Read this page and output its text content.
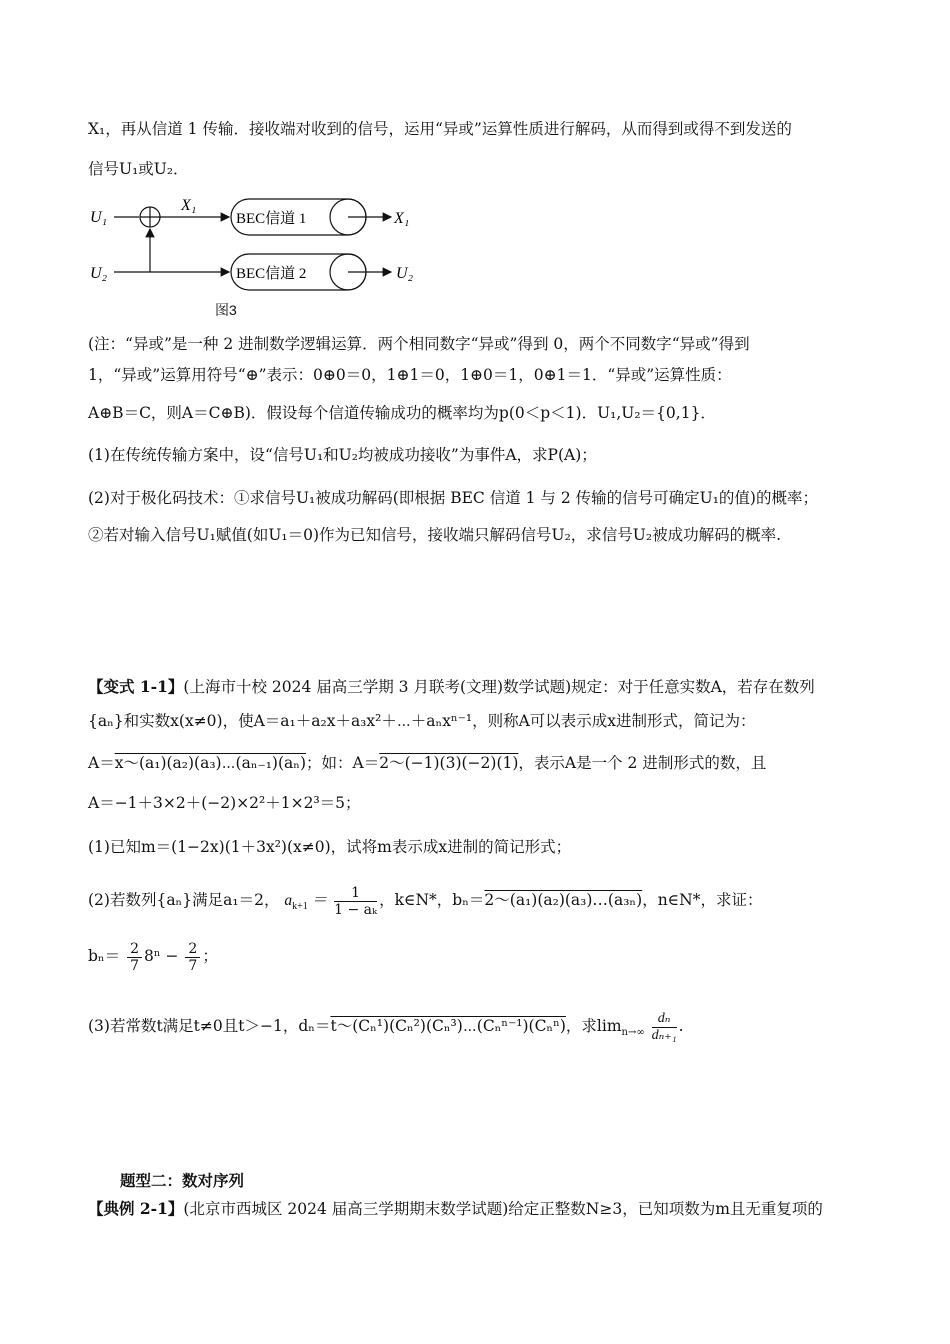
X₁，再从信道 1 传输．接收端对收到的信号，运用“异或”运算性质进行解码，从而得到或得不到发送的
信号U₁或U₂．
U₁
X₁
U₂
BEC信道 1	X₁
BEC信道 2	U₂
图3
(注：“异或”是一种 2 进制数学逻辑运算．两个相同数字“异或”得到 0，两个不同数字“异或”得到
1，“异或”运算用符号“⊕”表示：0⊕0＝0，1⊕1＝0，1⊕0＝1，0⊕1＝1．“异或”运算性质：
A⊕B＝C，则A＝C⊕B)．假设每个信道传输成功的概率均为p(0＜p＜1)．U₁,U₂＝{0,1}．
(1)在传统传输方案中，设“信号U₁和U₂均被成功接收”为事件A，求P(A)；
(2)对于极化码技术：①求信号U₁被成功解码(即根据 BEC 信道 1 与 2 传输的信号可确定U₁的值)的概率；
②若对输入信号U₁赋值(如U₁＝0)作为已知信号，接收端只解码信号U₂，求信号U₂被成功解码的概率.
【变式 1-1】(上海市十校 2024 届高三学期 3 月联考(文理)数学试题)规定：对于任意实数A，若存在数列
{aₙ}和实数x(x≠0)，使A＝a₁＋a₂x＋a₃x²＋⋯＋aₙxⁿ⁻¹，则称A可以表示成x进制形式，简记为：
A＝x～(a₁)(a₂)(a₃)⋯(aₙ₋₁)(aₙ)；如：A＝2～(−1)(3)(−2)(1)，表示A是一个 2 进制形式的数，且
A＝−1＋3×2＋(−2)×2²＋1×2³＝5；
(1)已知m＝(1−2x)(1＋3x²)(x≠0)，试将m表示成x进制的简记形式；
(2)若数列{aₙ}满足a₁＝2， $a_{k+1} = \frac{1}{\text{1 − aₖ}}$ ，k∈N*，bₙ＝2～(a₁)(a₂)(a₃)…(a₃ₙ)，n∈N*，求证：
$b_n= \frac{2}{7} 8^n - \frac{2}{7}$ ；
(3)若常数t满足t≠0且t＞−1，dₙ＝t～(Cₙ¹)(Cₙ²)(Cₙ³)⋯(Cₙⁿ⁻¹)(Cₙⁿ)，求$\lim_{n\to\infty} \frac{\text{dₙ}}{\text{dₙ₊₁}}$ .
题型二：数对序列
【典例 2-1】(北京市西城区 2024 届高三学期期末数学试题)给定正整数N≥3，已知项数为m且无重复项的
